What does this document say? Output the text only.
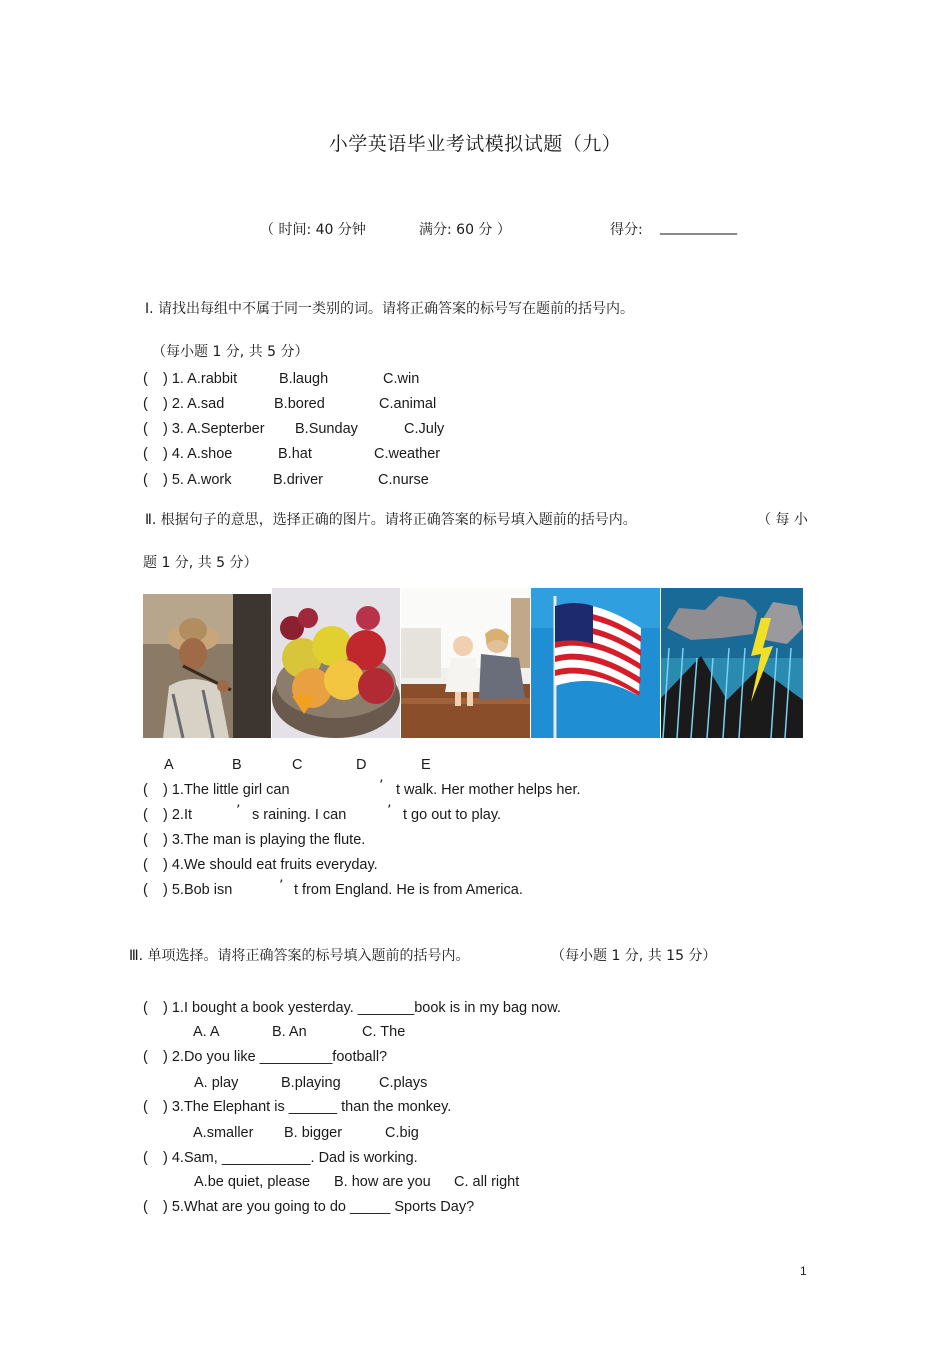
小学英语毕业考试模拟试题（九）
（ 时间: 40 分钟	满分: 60 分 ）	得分: ___________
Ⅰ. 请找出每组中不属于同一类别的词。请将正确答案的标号写在题前的括号内。
（每小题 1 分, 共 5 分）
( ) 1. A.rabbit	B.laugh	C.win
( ) 2. A.sad	B.bored	C.animal
( ) 3. A.Septerber B.Sunday	C.July
( ) 4. A.shoe	B.hat	C.weather
( ) 5. A.work	B.driver	C.nurse
Ⅱ. 根据句子的意思，选择正确的图片。请将正确答案的标号填入题前的括号内。	（ 每 小
题 1 分, 共 5 分）
A	B	C	D	E
( ) 1.The little girl can	’ t walk. Her mother helps her.
( ) 2.It	’ s raining. I can	’ t go out to play.
( ) 3.The man is playing the flute.
( ) 4.We should eat fruits everyday.
( ) 5.Bob isn	’ t from England. He is from America.
Ⅲ. 单项选择。请将正确答案的标号填入题前的括号内。	（每小题 1 分, 共 15 分）
( ) 1.I bought a book yesterday. _______book is in my bag now.
A. A	B. An	C. The
( ) 2.Do you like _________football?
A. play	B.playing	C.plays
( ) 3.The Elephant is ______ than the monkey.
A.smaller B. bigger	C.big
( ) 4.Sam, ___________. Dad is working.
A.be quiet, please B. how are you C. all right
( ) 5.What are you going to do _____ Sports Day?
1
